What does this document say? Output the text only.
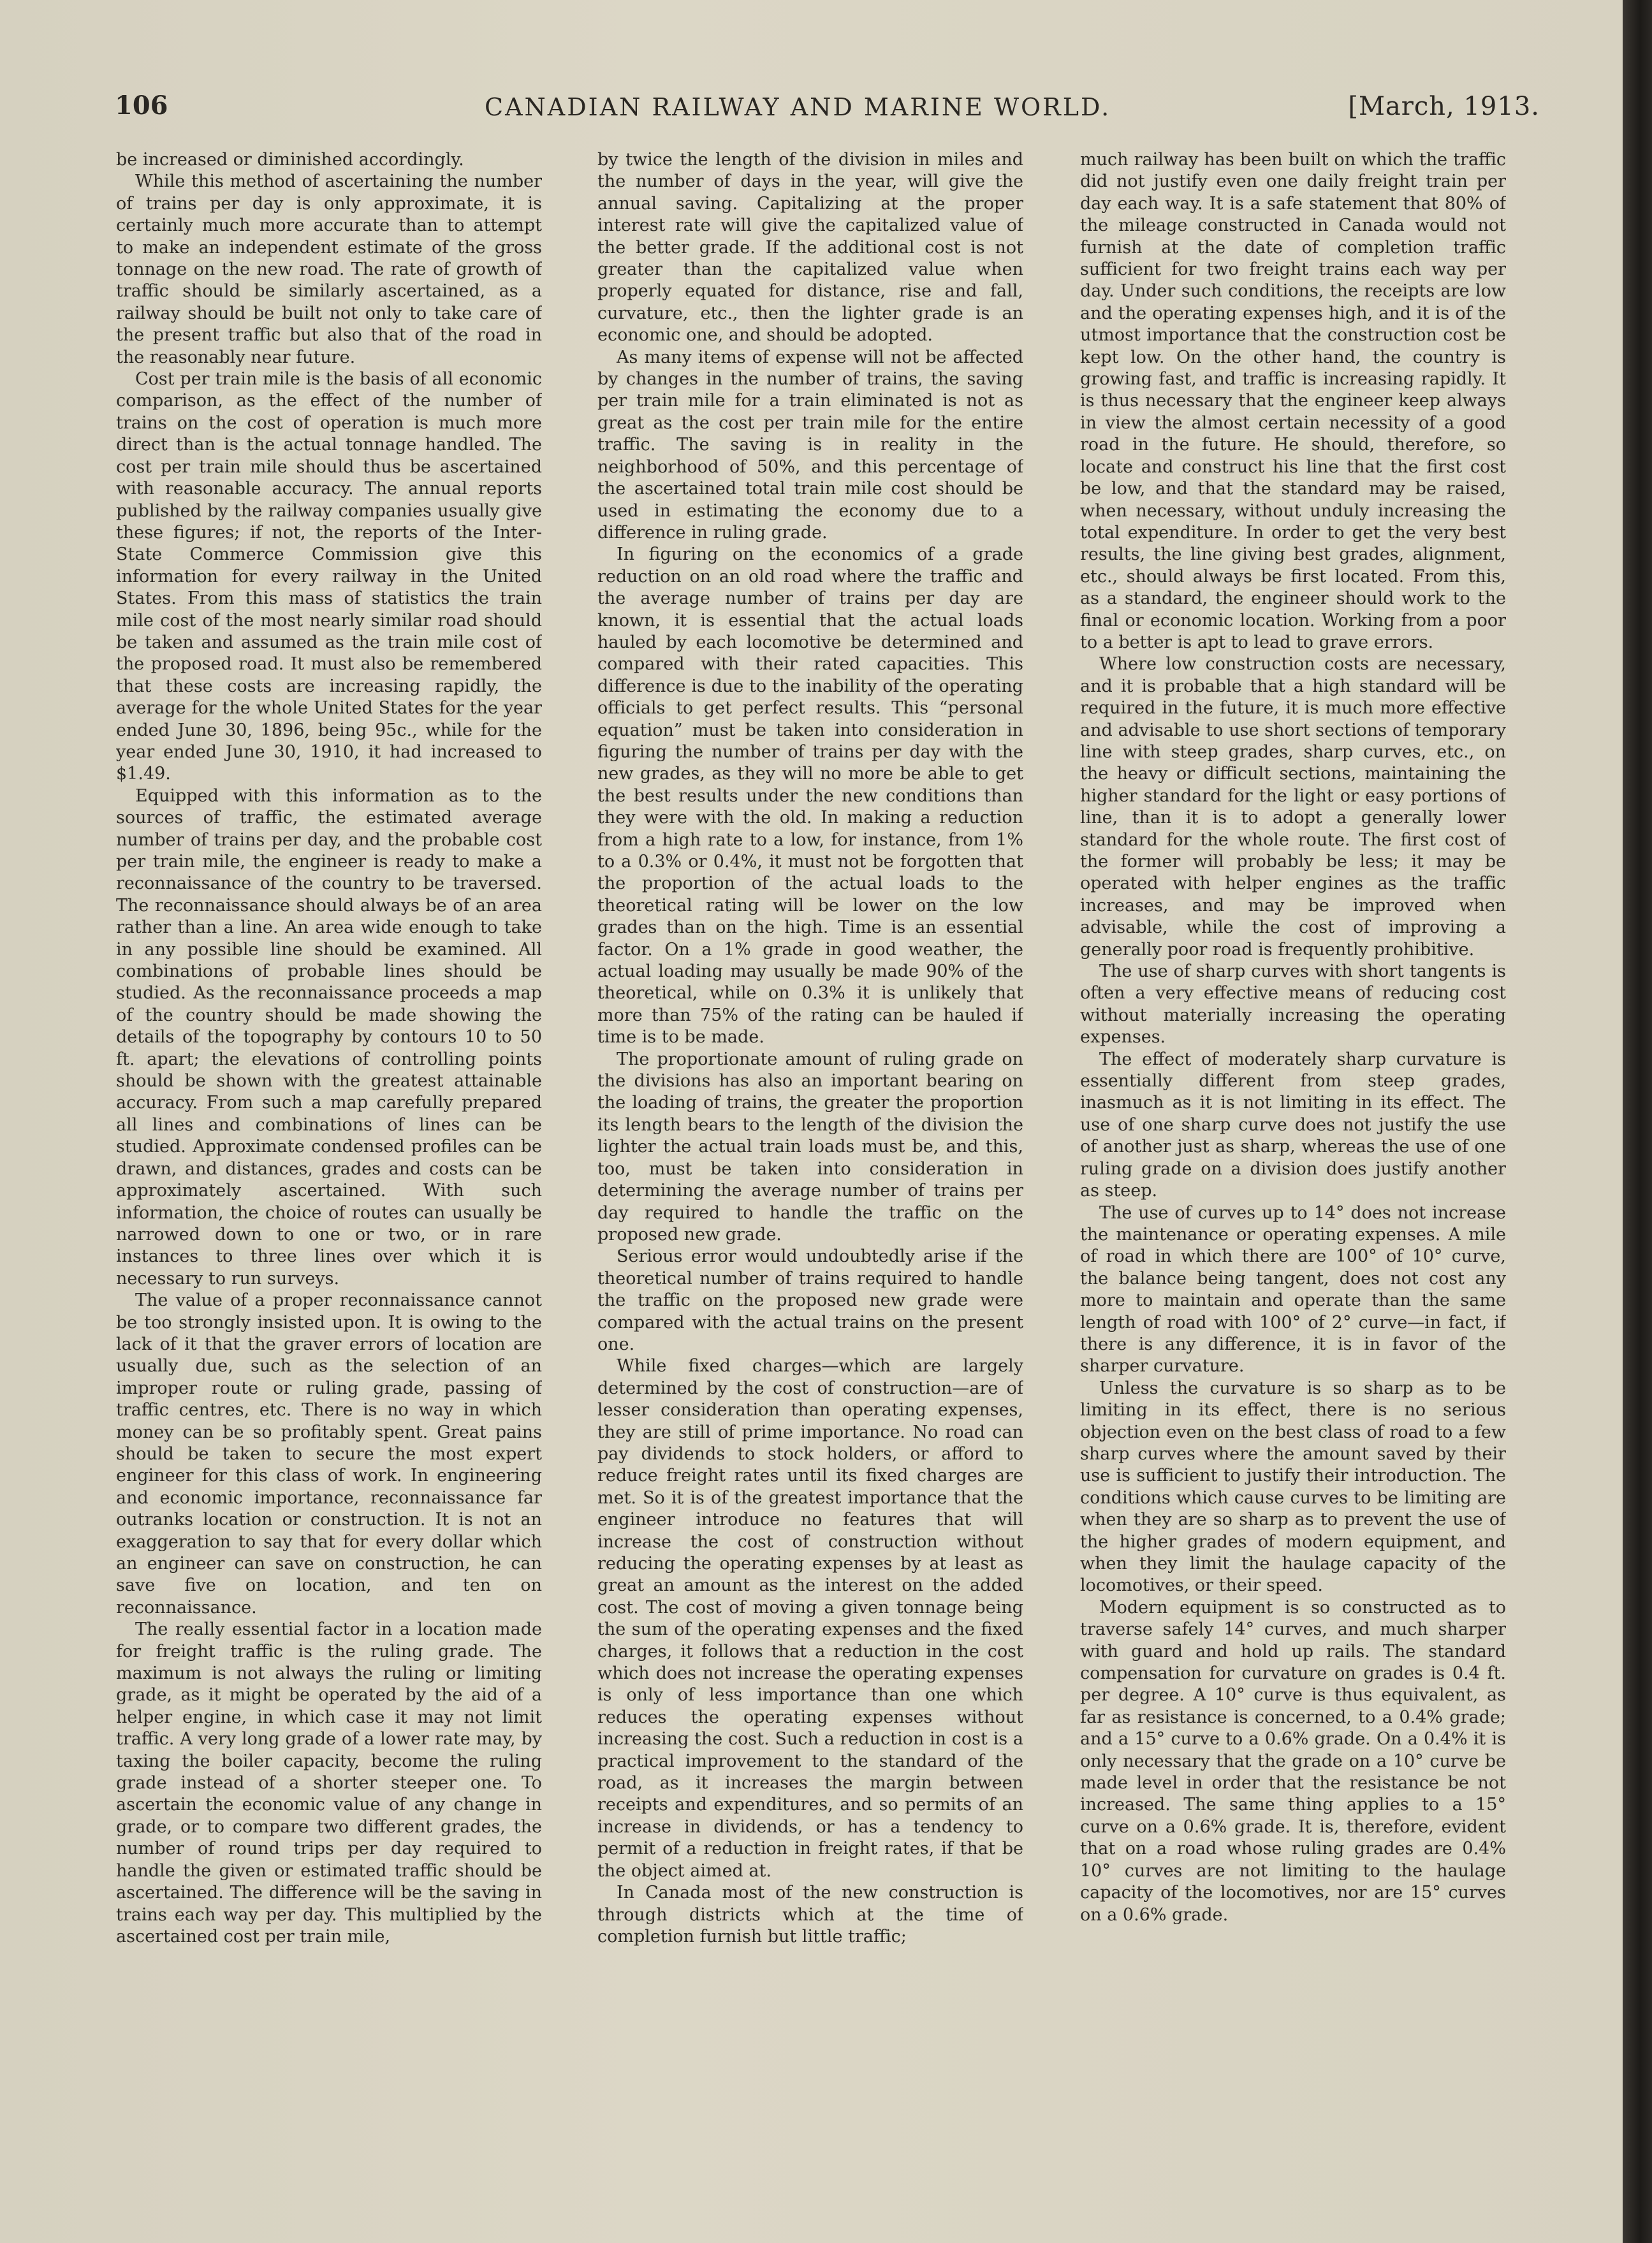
106	CANADIAN RAILWAY AND MARINE WORLD.	[March, 1913.

be increased or diminished accordingly.

While this method of ascertaining the number of trains per day is only approximate, it is certainly much more accurate than to attempt to make an independent estimate of the gross tonnage on the new road. The rate of growth of traffic should be similarly ascertained, as a railway should be built not only to take care of the present traffic but also that of the road in the reasonably near future.

Cost per train mile is the basis of all economic comparison, as the effect of the number of trains on the cost of operation is much more direct than is the actual tonnage handled. The cost per train mile should thus be ascertained with reasonable accuracy. The annual reports published by the railway companies usually give these figures; if not, the reports of the Inter-State Commerce Commission give this information for every railway in the United States. From this mass of statistics the train mile cost of the most nearly similar road should be taken and assumed as the train mile cost of the proposed road. It must also be remembered that these costs are increasing rapidly, the average for the whole United States for the year ended June 30, 1896, being 95c., while for the year ended June 30, 1910, it had increased to $1.49.

Equipped with this information as to the sources of traffic, the estimated average number of trains per day, and the probable cost per train mile, the engineer is ready to make a reconnaissance of the country to be traversed. The reconnaissance should always be of an area rather than a line. An area wide enough to take in any possible line should be examined. All combinations of probable lines should be studied. As the reconnaissance proceeds a map of the country should be made showing the details of the topography by contours 10 to 50 ft. apart; the elevations of controlling points should be shown with the greatest attainable accuracy. From such a map carefully prepared all lines and combinations of lines can be studied. Approximate condensed profiles can be drawn, and distances, grades and costs can be approximately ascertained. With such information, the choice of routes can usually be narrowed down to one or two, or in rare instances to three lines over which it is necessary to run surveys.

The value of a proper reconnaissance cannot be too strongly insisted upon. It is owing to the lack of it that the graver errors of location are usually due, such as the selection of an improper route or ruling grade, passing of traffic centres, etc. There is no way in which money can be so profitably spent. Great pains should be taken to secure the most expert engineer for this class of work. In engineering and economic importance, reconnaissance far outranks location or construction. It is not an exaggeration to say that for every dollar which an engineer can save on construction, he can save five on location, and ten on reconnaissance.

The really essential factor in a location made for freight traffic is the ruling grade. The maximum is not always the ruling or limiting grade, as it might be operated by the aid of a helper engine, in which case it may not limit traffic. A very long grade of a lower rate may, by taxing the boiler capacity, become the ruling grade instead of a shorter steeper one. To ascertain the economic value of any change in grade, or to compare two different grades, the number of round trips per day required to handle the given or estimated traffic should be ascertained. The difference will be the saving in trains each way per day. This multiplied by the ascertained cost per train mile,

by twice the length of the division in miles and the number of days in the year, will give the annual saving. Capitalizing at the proper interest rate will give the capitalized value of the better grade. If the additional cost is not greater than the capitalized value when properly equated for distance, rise and fall, curvature, etc., then the lighter grade is an economic one, and should be adopted.

As many items of expense will not be affected by changes in the number of trains, the saving per train mile for a train eliminated is not as great as the cost per train mile for the entire traffic. The saving is in reality in the neighborhood of 50%, and this percentage of the ascertained total train mile cost should be used in estimating the economy due to a difference in ruling grade.

In figuring on the economics of a grade reduction on an old road where the traffic and the average number of trains per day are known, it is essential that the actual loads hauled by each locomotive be determined and compared with their rated capacities. This difference is due to the inability of the operating officials to get perfect results. This “personal equation” must be taken into consideration in figuring the number of trains per day with the new grades, as they will no more be able to get the best results under the new conditions than they were with the old. In making a reduction from a high rate to a low, for instance, from 1% to a 0.3% or 0.4%, it must not be forgotten that the proportion of the actual loads to the theoretical rating will be lower on the low grades than on the high. Time is an essential factor. On a 1% grade in good weather, the actual loading may usually be made 90% of the theoretical, while on 0.3% it is unlikely that more than 75% of the rating can be hauled if time is to be made.

The proportionate amount of ruling grade on the divisions has also an important bearing on the loading of trains, the greater the proportion its length bears to the length of the division the lighter the actual train loads must be, and this, too, must be taken into consideration in determining the average number of trains per day required to handle the traffic on the proposed new grade.

Serious error would undoubtedly arise if the theoretical number of trains required to handle the traffic on the proposed new grade were compared with the actual trains on the present one.

While fixed charges—which are largely determined by the cost of construction—are of lesser consideration than operating expenses, they are still of prime importance. No road can pay dividends to stock holders, or afford to reduce freight rates until its fixed charges are met. So it is of the greatest importance that the engineer introduce no features that will increase the cost of construction without reducing the operating expenses by at least as great an amount as the interest on the added cost. The cost of moving a given tonnage being the sum of the operating expenses and the fixed charges, it follows that a reduction in the cost which does not increase the operating expenses is only of less importance than one which reduces the operating expenses without increasing the cost. Such a reduction in cost is a practical improvement to the standard of the road, as it increases the margin between receipts and expenditures, and so permits of an increase in dividends, or has a tendency to permit of a reduction in freight rates, if that be the object aimed at.

In Canada most of the new construction is through districts which at the time of completion furnish but little traffic;

much railway has been built on which the traffic did not justify even one daily freight train per day each way. It is a safe statement that 80% of the mileage constructed in Canada would not furnish at the date of completion traffic sufficient for two freight trains each way per day. Under such conditions, the receipts are low and the operating expenses high, and it is of the utmost importance that the construction cost be kept low. On the other hand, the country is growing fast, and traffic is increasing rapidly. It is thus necessary that the engineer keep always in view the almost certain necessity of a good road in the future. He should, therefore, so locate and construct his line that the first cost be low, and that the standard may be raised, when necessary, without unduly increasing the total expenditure. In order to get the very best results, the line giving best grades, alignment, etc., should always be first located. From this, as a standard, the engineer should work to the final or economic location. Working from a poor to a better is apt to lead to grave errors.

Where low construction costs are necessary, and it is probable that a high standard will be required in the future, it is much more effective and advisable to use short sections of temporary line with steep grades, sharp curves, etc., on the heavy or difficult sections, maintaining the higher standard for the light or easy portions of line, than it is to adopt a generally lower standard for the whole route. The first cost of the former will probably be less; it may be operated with helper engines as the traffic increases, and may be improved when advisable, while the cost of improving a generally poor road is frequently prohibitive.

The use of sharp curves with short tangents is often a very effective means of reducing cost without materially increasing the operating expenses.

The effect of moderately sharp curvature is essentially different from steep grades, inasmuch as it is not limiting in its effect. The use of one sharp curve does not justify the use of another just as sharp, whereas the use of one ruling grade on a division does justify another as steep.

The use of curves up to 14° does not increase the maintenance or operating expenses. A mile of road in which there are 100° of 10° curve, the balance being tangent, does not cost any more to maintain and operate than the same length of road with 100° of 2° curve—in fact, if there is any difference, it is in favor of the sharper curvature.

Unless the curvature is so sharp as to be limiting in its effect, there is no serious objection even on the best class of road to a few sharp curves where the amount saved by their use is sufficient to justify their introduction. The conditions which cause curves to be limiting are when they are so sharp as to prevent the use of the higher grades of modern equipment, and when they limit the haulage capacity of the locomotives, or their speed.

Modern equipment is so constructed as to traverse safely 14° curves, and much sharper with guard and hold up rails. The standard compensation for curvature on grades is 0.4 ft. per degree. A 10° curve is thus equivalent, as far as resistance is concerned, to a 0.4% grade; and a 15° curve to a 0.6% grade. On a 0.4% it is only necessary that the grade on a 10° curve be made level in order that the resistance be not increased. The same thing applies to a 15° curve on a 0.6% grade. It is, therefore, evident that on a road whose ruling grades are 0.4% 10° curves are not limiting to the haulage capacity of the locomotives, nor are 15° curves on a 0.6% grade.
